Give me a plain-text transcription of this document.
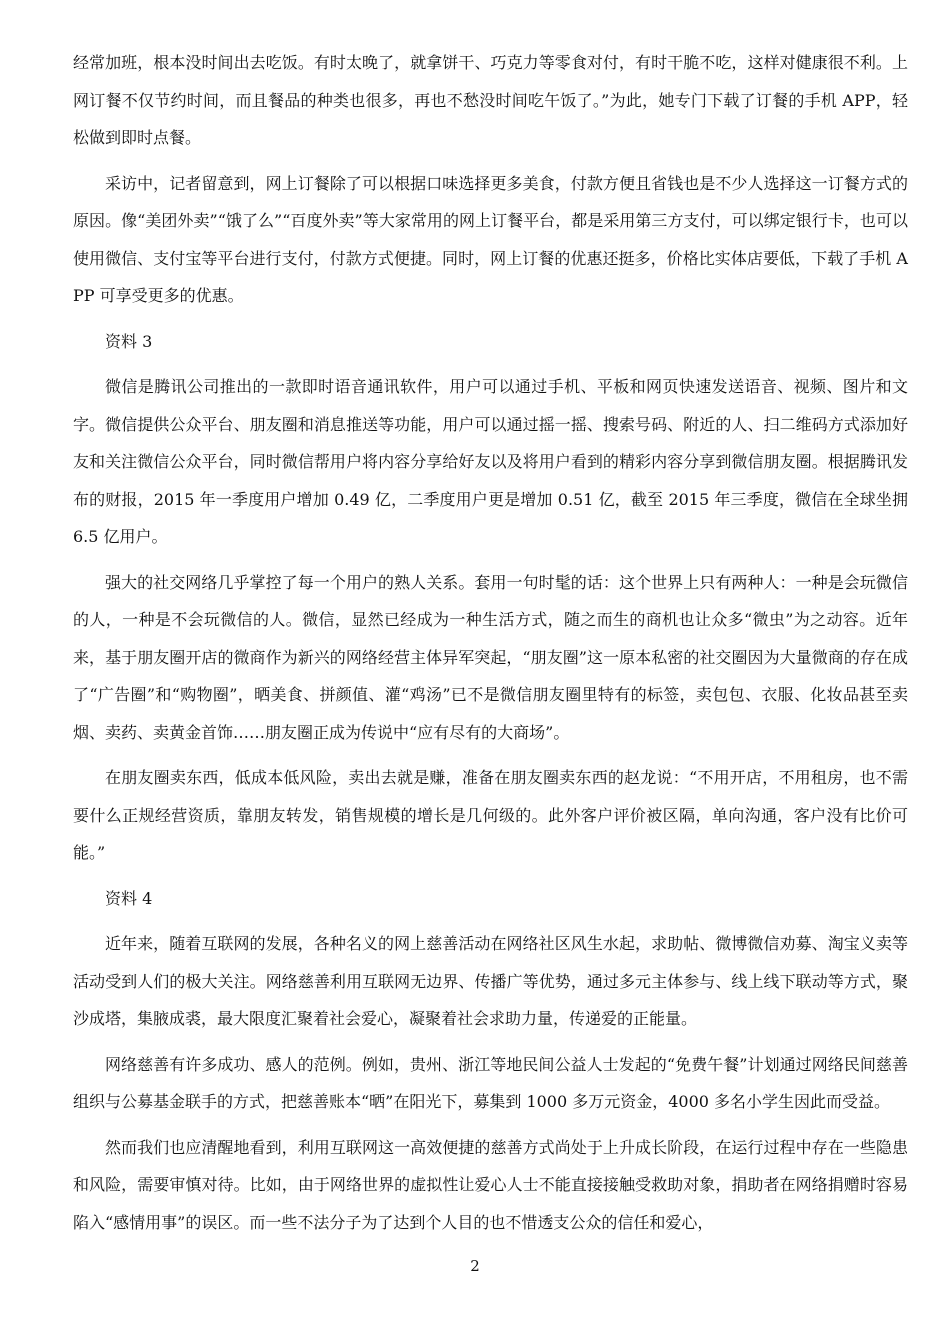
经常加班，根本没时间出去吃饭。有时太晚了，就拿饼干、巧克力等零食对付，有时干脆不吃，这样对健康很不利。上网订餐不仅节约时间，而且餐品的种类也很多，再也不愁没时间吃午饭了。”为此，她专门下载了订餐的手机 APP，轻松做到即时点餐。

采访中，记者留意到，网上订餐除了可以根据口味选择更多美食，付款方便且省钱也是不少人选择这一订餐方式的原因。像“美团外卖”“饿了么”“百度外卖”等大家常用的网上订餐平台，都是采用第三方支付，可以绑定银行卡，也可以使用微信、支付宝等平台进行支付，付款方式便捷。同时，网上订餐的优惠还挺多，价格比实体店要低，下载了手机 APP 可享受更多的优惠。

资料 3

微信是腾讯公司推出的一款即时语音通讯软件，用户可以通过手机、平板和网页快速发送语音、视频、图片和文字。微信提供公众平台、朋友圈和消息推送等功能，用户可以通过摇一摇、搜索号码、附近的人、扫二维码方式添加好友和关注微信公众平台，同时微信帮用户将内容分享给好友以及将用户看到的精彩内容分享到微信朋友圈。根据腾讯发布的财报，2015 年一季度用户增加 0.49 亿，二季度用户更是增加 0.51 亿，截至 2015 年三季度，微信在全球坐拥 6.5 亿用户。

强大的社交网络几乎掌控了每一个用户的熟人关系。套用一句时髦的话：这个世界上只有两种人：一种是会玩微信的人，一种是不会玩微信的人。微信，显然已经成为一种生活方式，随之而生的商机也让众多“微虫”为之动容。近年来，基于朋友圈开店的微商作为新兴的网络经营主体异军突起，“朋友圈”这一原本私密的社交圈因为大量微商的存在成了“广告圈”和“购物圈”，晒美食、拼颜值、灌“鸡汤”已不是微信朋友圈里特有的标签，卖包包、衣服、化妆品甚至卖烟、卖药、卖黄金首饰……朋友圈正成为传说中“应有尽有的大商场”。

在朋友圈卖东西，低成本低风险，卖出去就是赚，准备在朋友圈卖东西的赵龙说：“不用开店，不用租房，也不需要什么正规经营资质，靠朋友转发，销售规模的增长是几何级的。此外客户评价被区隔，单向沟通，客户没有比价可能。”

资料 4

近年来，随着互联网的发展，各种名义的网上慈善活动在网络社区风生水起，求助帖、微博微信劝募、淘宝义卖等活动受到人们的极大关注。网络慈善利用互联网无边界、传播广等优势，通过多元主体参与、线上线下联动等方式，聚沙成塔，集腋成裘，最大限度汇聚着社会爱心，凝聚着社会求助力量，传递爱的正能量。

网络慈善有许多成功、感人的范例。例如，贵州、浙江等地民间公益人士发起的“免费午餐”计划通过网络民间慈善组织与公募基金联手的方式，把慈善账本“晒”在阳光下，募集到 1000 多万元资金，4000 多名小学生因此而受益。

然而我们也应清醒地看到，利用互联网这一高效便捷的慈善方式尚处于上升成长阶段，在运行过程中存在一些隐患和风险，需要审慎对待。比如，由于网络世界的虚拟性让爱心人士不能直接接触受救助对象，捐助者在网络捐赠时容易陷入“感情用事”的误区。而一些不法分子为了达到个人目的也不惜透支公众的信任和爱心，

2
